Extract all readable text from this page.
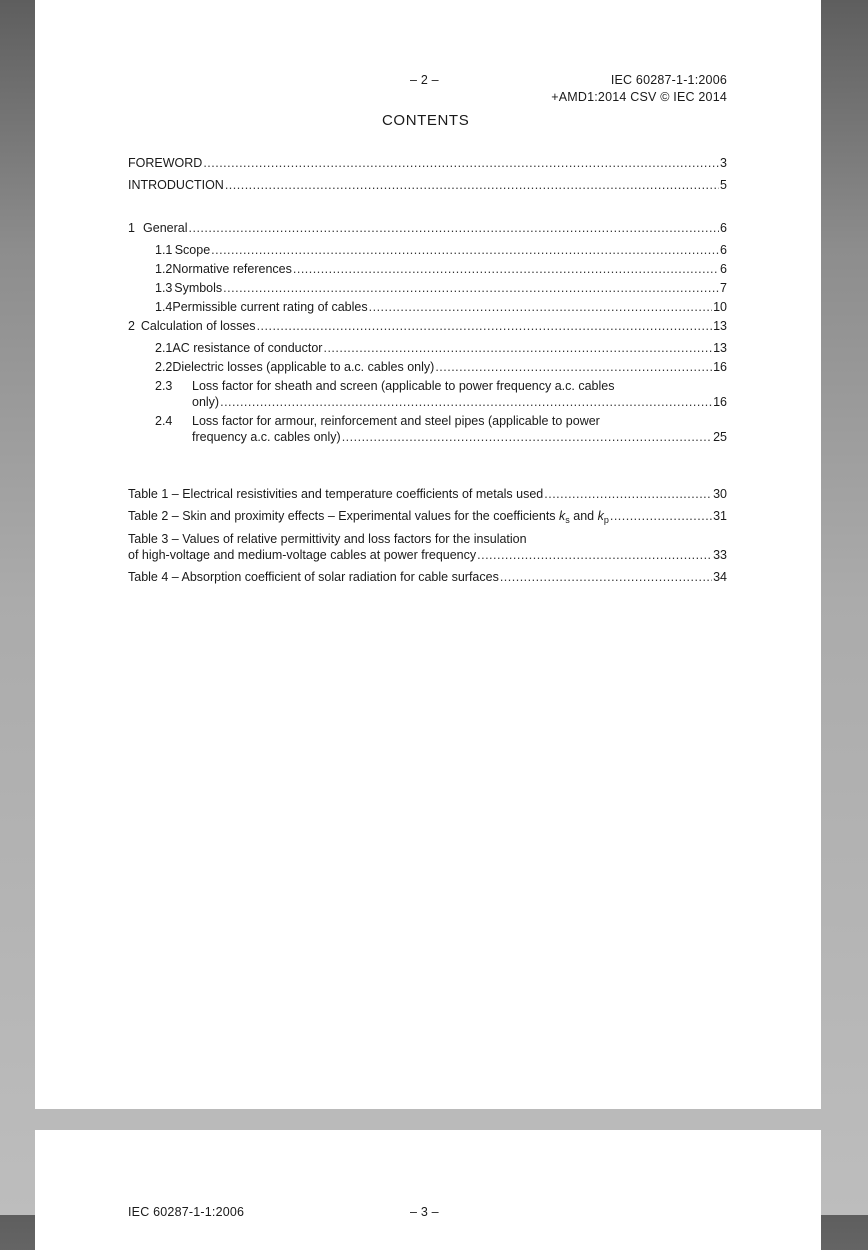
– 2 –	IEC 60287-1-1:2006
+AMD1:2014 CSV © IEC 2014
CONTENTS
FOREWORD .....	3
INTRODUCTION .....	5
1 General .....	6
1.1 Scope .....	6
1.2 Normative references .....	6
1.3 Symbols .....	7
1.4 Permissible current rating of cables .....	10
2 Calculation of losses .....	13
2.1 AC resistance of conductor .....	13
2.2 Dielectric losses (applicable to a.c. cables only) .....	16
2.3 Loss factor for sheath and screen (applicable to power frequency a.c. cables
only) .....	16
2.4 Loss factor for armour, reinforcement and steel pipes (applicable to power
frequency a.c. cables only) .....	25
Table 1 – Electrical resistivities and temperature coefficients of metals used .....	30
Table 2 – Skin and proximity effects – Experimental values for the coefficients $k_s$ and $k_p$ .....	31
Table 3 – Values of relative permittivity and loss factors for the insulation
of high-voltage and medium-voltage cables at power frequency .....	33
Table 4 – Absorption coefficient of solar radiation for cable surfaces .....	34
IEC 60287-1-1:2006	– 3 –
